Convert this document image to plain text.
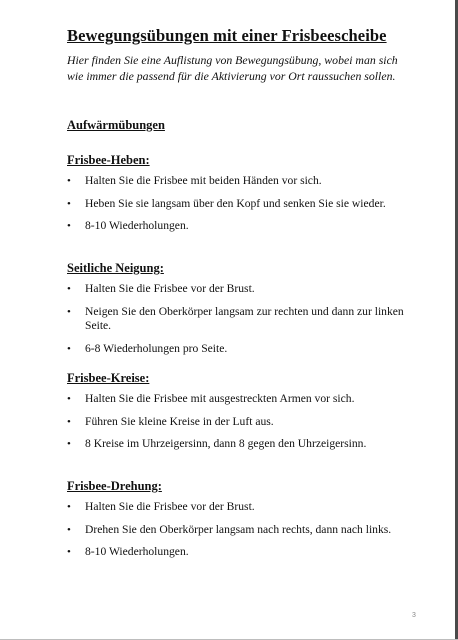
Bewegungsübungen mit einer Frisbeescheibe
Hier finden Sie eine Auflistung von Bewegungsübung, wobei man sich wie immer die passend für die Aktivierung vor Ort raussuchen sollen.
Aufwärmübungen
Frisbee-Heben:
• Halten Sie die Frisbee mit beiden Händen vor sich.
• Heben Sie sie langsam über den Kopf und senken Sie sie wieder.
• 8-10 Wiederholungen.
Seitliche Neigung:
• Halten Sie die Frisbee vor der Brust.
• Neigen Sie den Oberkörper langsam zur rechten und dann zur linken Seite.
• 6-8 Wiederholungen pro Seite.
Frisbee-Kreise:
• Halten Sie die Frisbee mit ausgestreckten Armen vor sich.
• Führen Sie kleine Kreise in der Luft aus.
• 8 Kreise im Uhrzeigersinn, dann 8 gegen den Uhrzeigersinn.
Frisbee-Drehung:
• Halten Sie die Frisbee vor der Brust.
• Drehen Sie den Oberkörper langsam nach rechts, dann nach links.
• 8-10 Wiederholungen.
3
